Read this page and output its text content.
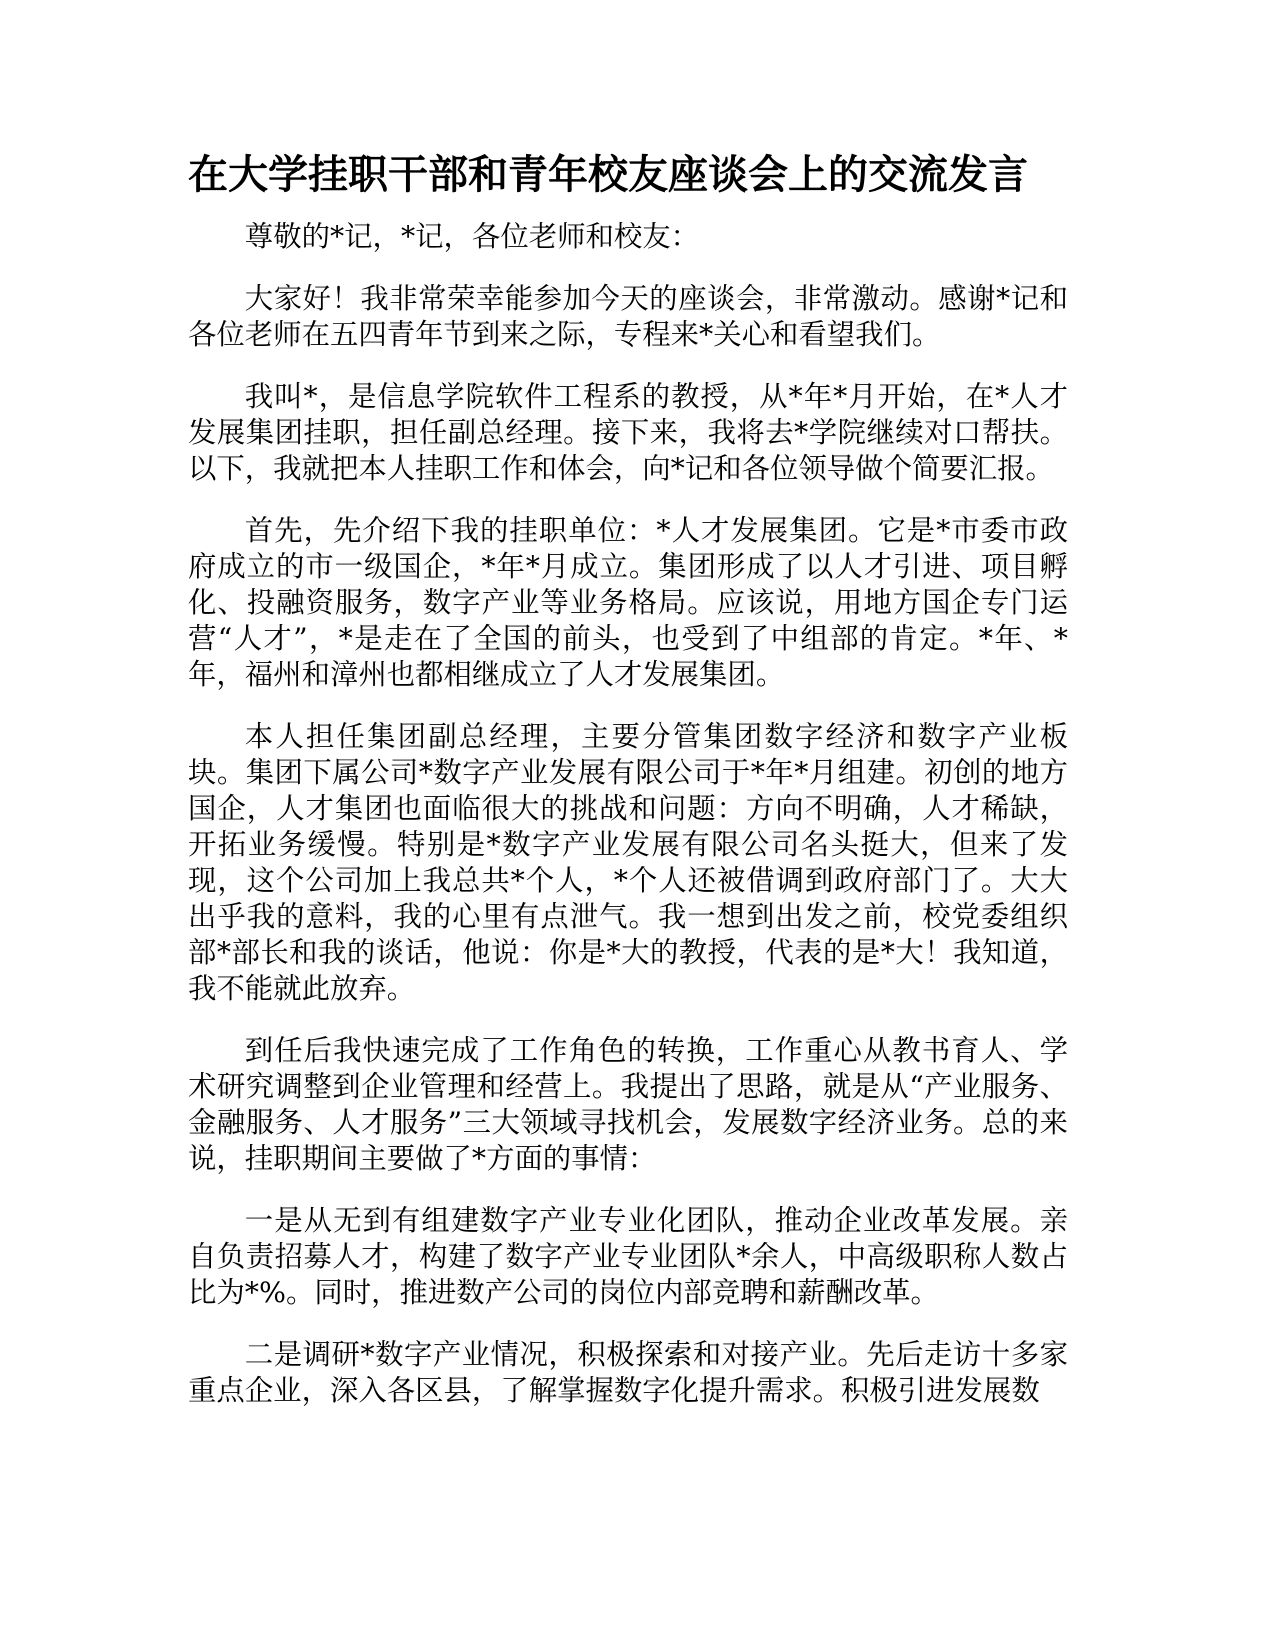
在大学挂职干部和青年校友座谈会上的交流发言

尊敬的*记，*记，各位老师和校友：

大家好！我非常荣幸能参加今天的座谈会，非常激动。感谢*记和各位老师在五四青年节到来之际，专程来*关心和看望我们。

我叫*，是信息学院软件工程系的教授，从*年*月开始，在*人才发展集团挂职，担任副总经理。接下来，我将去*学院继续对口帮扶。以下，我就把本人挂职工作和体会，向*记和各位领导做个简要汇报。

首先，先介绍下我的挂职单位：*人才发展集团。它是*市委市政府成立的市一级国企，*年*月成立。集团形成了以人才引进、项目孵化、投融资服务，数字产业等业务格局。应该说，用地方国企专门运营“人才”，*是走在了全国的前头，也受到了中组部的肯定。*年、*年，福州和漳州也都相继成立了人才发展集团。

本人担任集团副总经理，主要分管集团数字经济和数字产业板块。集团下属公司*数字产业发展有限公司于*年*月组建。初创的地方国企，人才集团也面临很大的挑战和问题：方向不明确，人才稀缺，开拓业务缓慢。特别是*数字产业发展有限公司名头挺大，但来了发现，这个公司加上我总共*个人，*个人还被借调到政府部门了。大大出乎我的意料，我的心里有点泄气。我一想到出发之前，校党委组织部*部长和我的谈话，他说：你是*大的教授，代表的是*大！我知道，我不能就此放弃。

到任后我快速完成了工作角色的转换，工作重心从教书育人、学术研究调整到企业管理和经营上。我提出了思路，就是从“产业服务、金融服务、人才服务”三大领域寻找机会，发展数字经济业务。总的来说，挂职期间主要做了*方面的事情：

一是从无到有组建数字产业专业化团队，推动企业改革发展。亲自负责招募人才，构建了数字产业专业团队*余人，中高级职称人数占比为*%。同时，推进数产公司的岗位内部竞聘和薪酬改革。

二是调研*数字产业情况，积极探索和对接产业。先后走访十多家重点企业，深入各区县，了解掌握数字化提升需求。积极引进发展数
